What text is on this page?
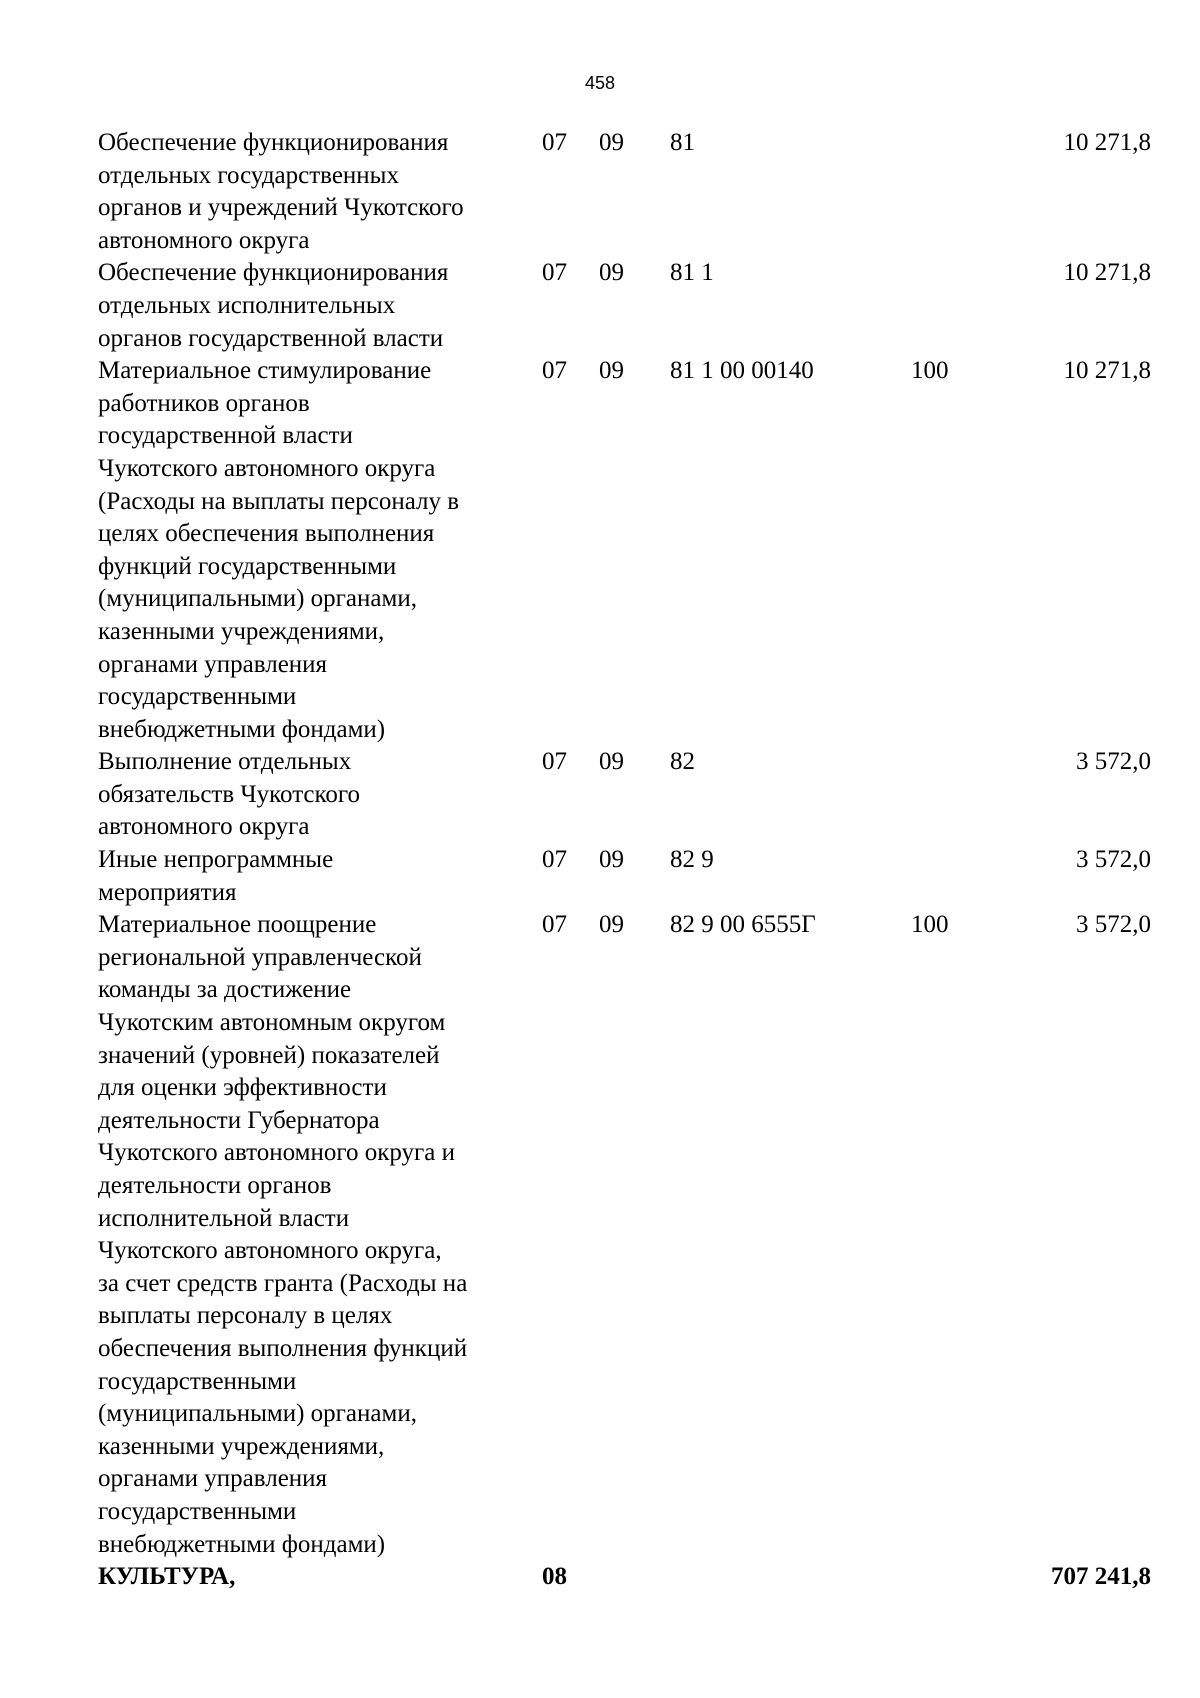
458
Обеспечение функционирования
отдельных государственных
органов и учреждений Чукотского
автономного округа
07 09 81	10 271,8
Обеспечение функционирования
отдельных исполнительных
органов государственной власти
07 09 81 1	10 271,8
Материальное стимулирование
работников органов
государственной власти
Чукотского автономного округа
(Расходы на выплаты персоналу в
целях обеспечения выполнения
функций государственными
(муниципальными) органами,
казенными учреждениями,
органами управления
государственными
внебюджетными фондами)
07 09 81 1 00 00140	100	10 271,8
Выполнение отдельных
обязательств Чукотского
автономного округа
07 09 82	3 572,0
Иные непрограммные
мероприятия
07 09 82 9	3 572,0
Материальное поощрение
региональной управленческой
команды за достижение
Чукотским автономным округом
значений (уровней) показателей
для оценки эффективности
деятельности Губернатора
Чукотского автономного округа и
деятельности органов
исполнительной власти
Чукотского автономного округа,
за счет средств гранта (Расходы на
выплаты персоналу в целях
обеспечения выполнения функций
государственными
(муниципальными) органами,
казенными учреждениями,
органами управления
государственными
внебюджетными фондами)
07 09 82 9 00 6555Г	100	3 572,0
КУЛЬТУРА,	08	707 241,8
